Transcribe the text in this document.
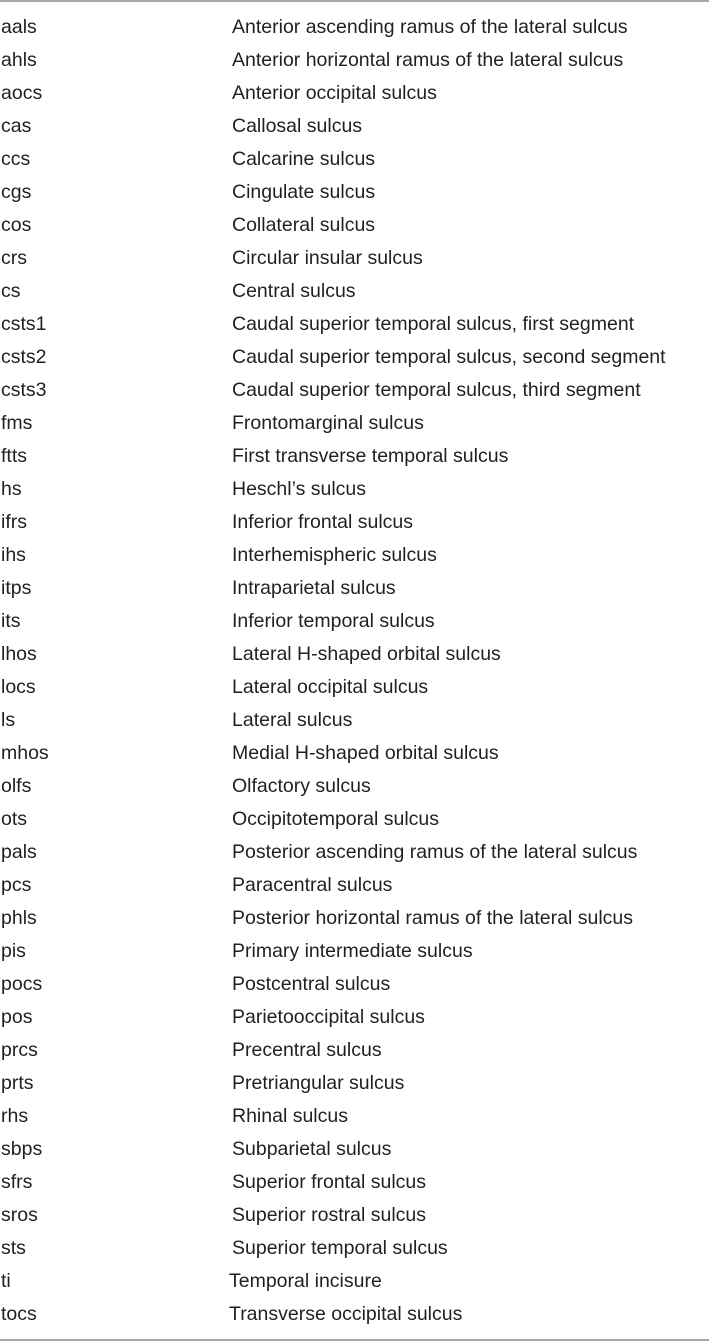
aals	Anterior ascending ramus of the lateral sulcus
ahls	Anterior horizontal ramus of the lateral sulcus
aocs	Anterior occipital sulcus
cas	Callosal sulcus
ccs	Calcarine sulcus
cgs	Cingulate sulcus
cos	Collateral sulcus
crs	Circular insular sulcus
cs	Central sulcus
csts1	Caudal superior temporal sulcus, first segment
csts2	Caudal superior temporal sulcus, second segment
csts3	Caudal superior temporal sulcus, third segment
fms	Frontomarginal sulcus
ftts	First transverse temporal sulcus
hs	Heschl’s sulcus
ifrs	Inferior frontal sulcus
ihs	Interhemispheric sulcus
itps	Intraparietal sulcus
its	Inferior temporal sulcus
lhos	Lateral H-shaped orbital sulcus
locs	Lateral occipital sulcus
ls	Lateral sulcus
mhos	Medial H-shaped orbital sulcus
olfs	Olfactory sulcus
ots	Occipitotemporal sulcus
pals	Posterior ascending ramus of the lateral sulcus
pcs	Paracentral sulcus
phls	Posterior horizontal ramus of the lateral sulcus
pis	Primary intermediate sulcus
pocs	Postcentral sulcus
pos	Parietooccipital sulcus
prcs	Precentral sulcus
prts	Pretriangular sulcus
rhs	Rhinal sulcus
sbps	Subparietal sulcus
sfrs	Superior frontal sulcus
sros	Superior rostral sulcus
sts	Superior temporal sulcus
ti	Temporal incisure
tocs	Transverse occipital sulcus
